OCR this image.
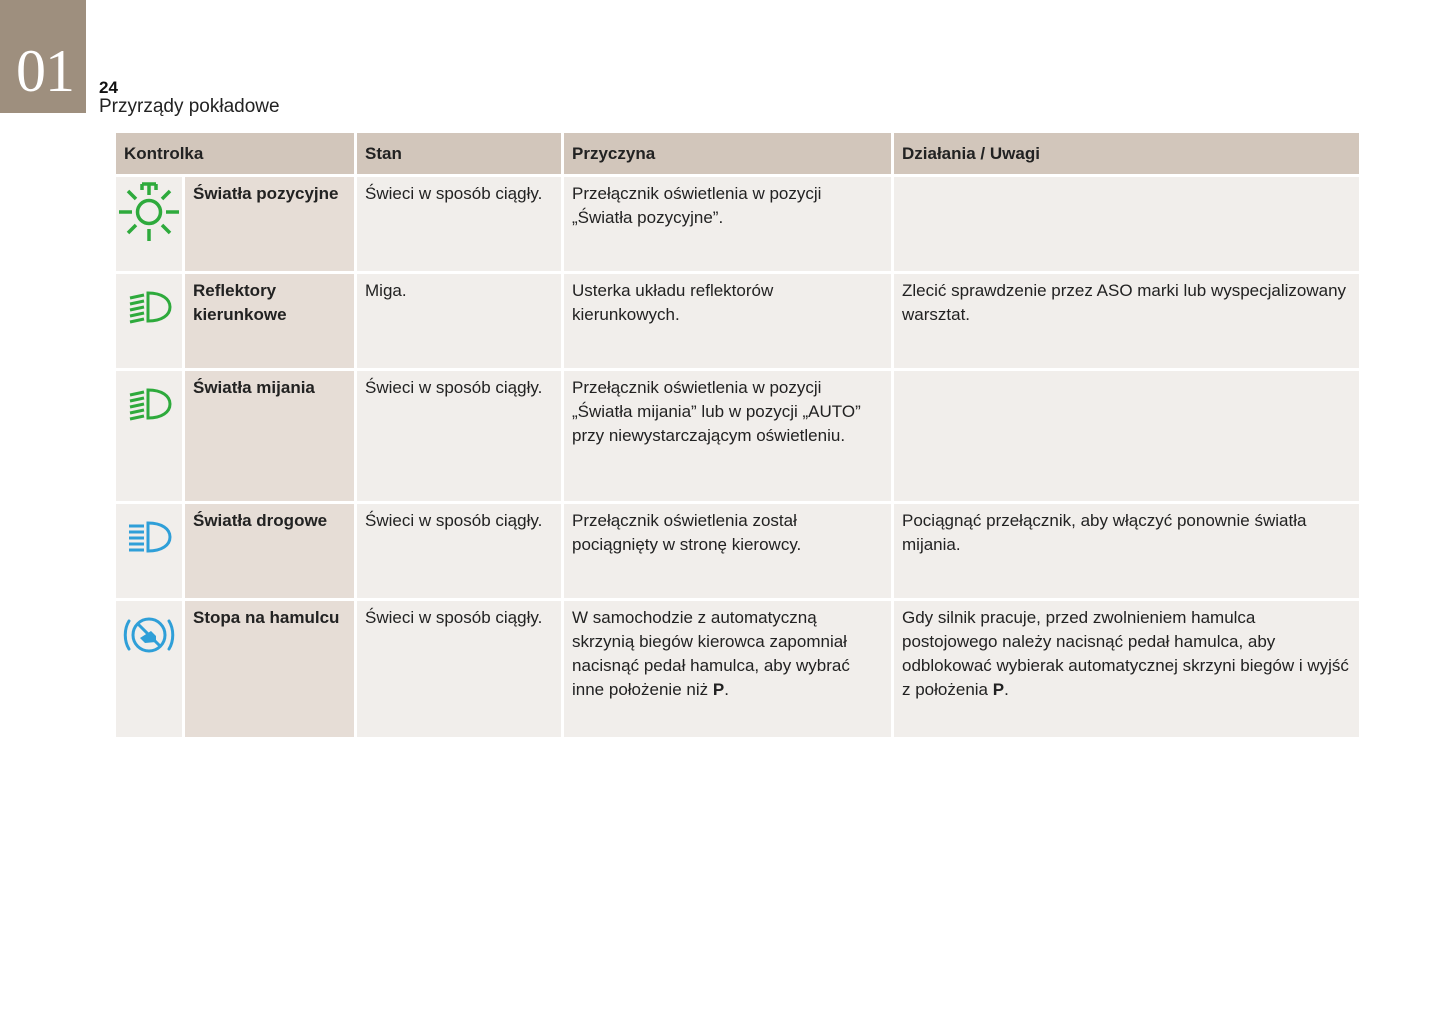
01 24
Przyrządy pokładowe
Kontrolka		Stan	Przyczyna	Działania / Uwagi

	Światła pozycyjne	Świeci w sposób ciągły.	Przełącznik oświetlenia w pozycji „Światła pozycyjne”.	

	Reflektory kierunkowe	Miga.	Usterka układu reflektorów kierunkowych.	Zlecić sprawdzenie przez ASO marki lub wyspecjalizowany warsztat.

	Światła mijania	Świeci w sposób ciągły.	Przełącznik oświetlenia w pozycji „Światła mijania” lub w pozycji „AUTO” przy niewystarczającym oświetleniu.	

	Światła drogowe	Świeci w sposób ciągły.	Przełącznik oświetlenia został pociągnięty w stronę kierowcy.	Pociągnąć przełącznik, aby włączyć ponownie światła mijania.

	Stopa na hamulcu	Świeci w sposób ciągły.	W samochodzie z automatyczną skrzynią biegów kierowca zapomniał nacisnąć pedał hamulca, aby wybrać inne położenie niż P.	Gdy silnik pracuje, przed zwolnieniem hamulca postojowego należy nacisnąć pedał hamulca, aby odblokować wybierak automatycznej skrzyni biegów i wyjść z położenia P.
